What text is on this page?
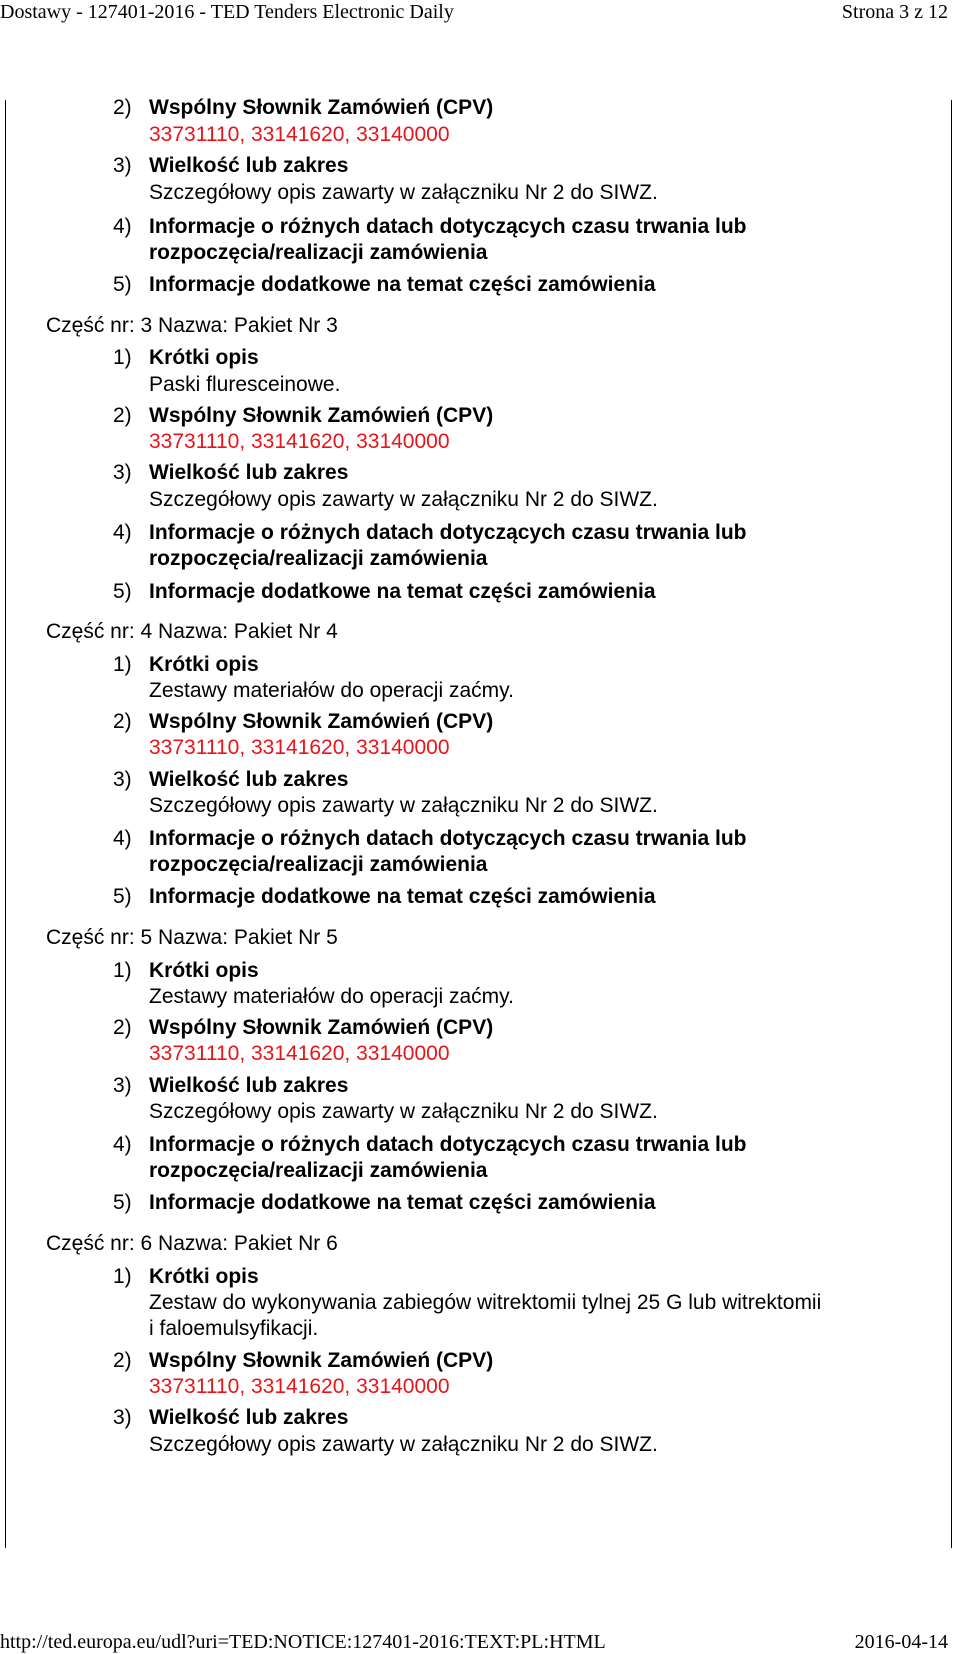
Dostawy - 127401-2016 - TED Tenders Electronic Daily	Strona 3 z 12
2) Wspólny Słownik Zamówień (CPV)
33731110, 33141620, 33140000
3) Wielkość lub zakres
Szczegółowy opis zawarty w załączniku Nr 2 do SIWZ.
4) Informacje o różnych datach dotyczących czasu trwania lub
rozpoczęcia/realizacji zamówienia
5) Informacje dodatkowe na temat części zamówienia
Część nr: 3 Nazwa: Pakiet Nr 3
1) Krótki opis
Paski fluresceinowe.
2) Wspólny Słownik Zamówień (CPV)
33731110, 33141620, 33140000
3) Wielkość lub zakres
Szczegółowy opis zawarty w załączniku Nr 2 do SIWZ.
4) Informacje o różnych datach dotyczących czasu trwania lub
rozpoczęcia/realizacji zamówienia
5) Informacje dodatkowe na temat części zamówienia
Część nr: 4 Nazwa: Pakiet Nr 4
1) Krótki opis
Zestawy materiałów do operacji zaćmy.
2) Wspólny Słownik Zamówień (CPV)
33731110, 33141620, 33140000
3) Wielkość lub zakres
Szczegółowy opis zawarty w załączniku Nr 2 do SIWZ.
4) Informacje o różnych datach dotyczących czasu trwania lub
rozpoczęcia/realizacji zamówienia
5) Informacje dodatkowe na temat części zamówienia
Część nr: 5 Nazwa: Pakiet Nr 5
1) Krótki opis
Zestawy materiałów do operacji zaćmy.
2) Wspólny Słownik Zamówień (CPV)
33731110, 33141620, 33140000
3) Wielkość lub zakres
Szczegółowy opis zawarty w załączniku Nr 2 do SIWZ.
4) Informacje o różnych datach dotyczących czasu trwania lub
rozpoczęcia/realizacji zamówienia
5) Informacje dodatkowe na temat części zamówienia
Część nr: 6 Nazwa: Pakiet Nr 6
1) Krótki opis
Zestaw do wykonywania zabiegów witrektomii tylnej 25 G lub witrektomii
i faloemulsyfikacji.
2) Wspólny Słownik Zamówień (CPV)
33731110, 33141620, 33140000
3) Wielkość lub zakres
Szczegółowy opis zawarty w załączniku Nr 2 do SIWZ.
http://ted.europa.eu/udl?uri=TED:NOTICE:127401-2016:TEXT:PL:HTML	2016-04-14
